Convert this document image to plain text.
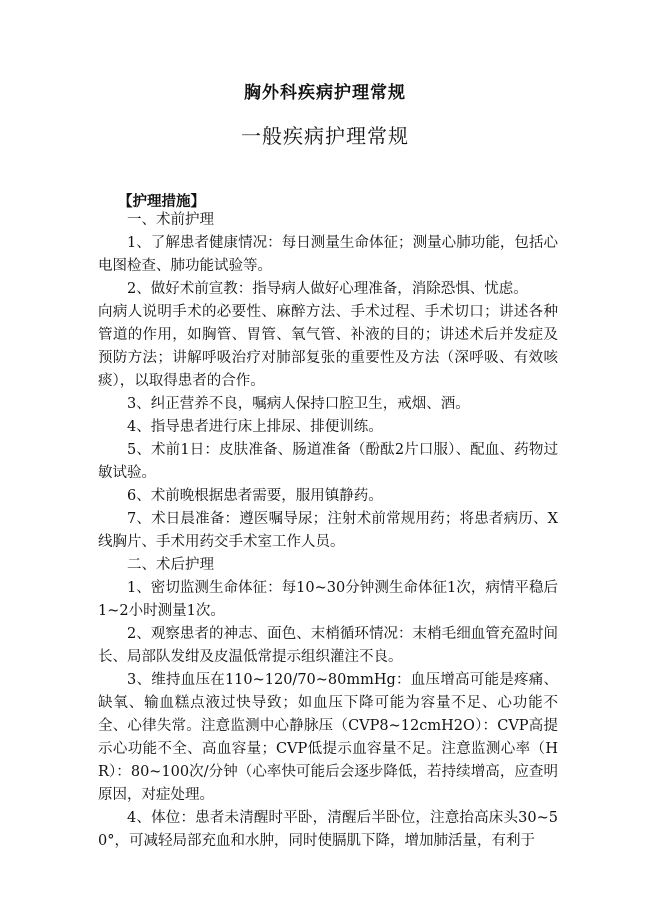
胸外科疾病护理常规
一般疾病护理常规
【护理措施】

一、术前护理

1、了解患者健康情况：每日测量生命体征；测量心肺功能，包括心电图检查、肺功能试验等。

2、做好术前宣教：指导病人做好心理准备，消除恐惧、忧虑。

向病人说明手术的必要性、麻醉方法、手术过程、手术切口；讲述各种管道的作用，如胸管、胃管、氧气管、补液的目的；讲述术后并发症及预防方法；讲解呼吸治疗对肺部复张的重要性及方法（深呼吸、有效咳痰），以取得患者的合作。

3、纠正营养不良，嘱病人保持口腔卫生，戒烟、酒。

4、指导患者进行床上排尿、排便训练。

5、术前1日：皮肤准备、肠道准备（酚酞2片口服）、配血、药物过敏试验。

6、术前晚根据患者需要，服用镇静药。

7、术日晨准备：遵医嘱导尿；注射术前常规用药；将患者病历、X线胸片、手术用药交手术室工作人员。

二、术后护理

1、密切监测生命体征：每10~30分钟测生命体征1次，病情平稳后1~2小时测量1次。

2、观察患者的神志、面色、末梢循环情况：末梢毛细血管充盈时间长、局部队发绀及皮温低常提示组织灌注不良。

3、维持血压在110~120/70~80mmHg：血压增高可能是疼痛、缺氧、输血糕点液过快导致；如血压下降可能为容量不足、心功能不全、心律失常。注意监测中心静脉压（CVP8~12cmH2O）：CVP高提示心功能不全、高血容量；CVP低提示血容量不足。注意监测心率（HR）：80~100次/分钟（心率快可能后会逐步降低，若持续增高，应查明原因，对症处理。

4、体位：患者未清醒时平卧，清醒后半卧位，注意抬高床头30~50°，可减轻局部充血和水肿，同时使膈肌下降，增加肺活量，有利于
